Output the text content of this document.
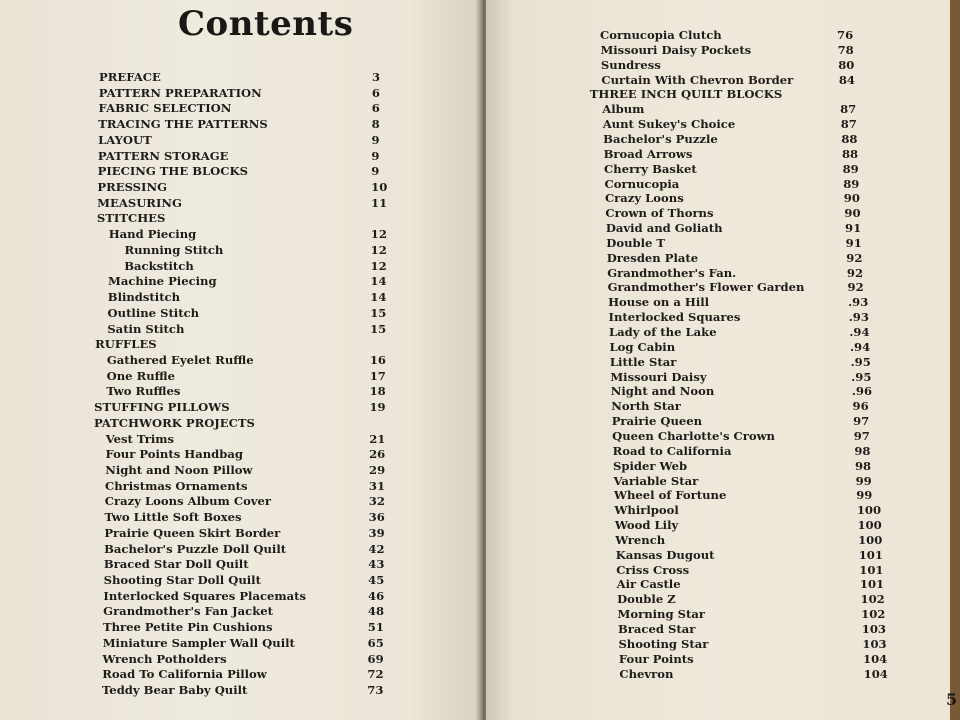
Contents
PREFACE	3
PATTERN PREPARATION	6
FABRIC SELECTION	6
TRACING THE PATTERNS	8
LAYOUT	9
PATTERN STORAGE	9
PIECING THE BLOCKS	9
PRESSING	10
MEASURING	11
STITCHES
Hand Piecing	12
Running Stitch	12
Backstitch	12
Machine Piecing	14
Blindstitch	14
Outline Stitch	15
Satin Stitch	15
RUFFLES
Gathered Eyelet Ruffle	16
One Ruffle	17
Two Ruffles	18
STUFFING PILLOWS	19
PATCHWORK PROJECTS
Vest Trims	21
Four Points Handbag	26
Night and Noon Pillow	29
Christmas Ornaments	31
Crazy Loons Album Cover	32
Two Little Soft Boxes	36
Prairie Queen Skirt Border	39
Bachelor's Puzzle Doll Quilt	42
Braced Star Doll Quilt	43
Shooting Star Doll Quilt	45
Interlocked Squares Placemats	46
Grandmother's Fan Jacket	48
Three Petite Pin Cushions	51
Miniature Sampler Wall Quilt	65
Wrench Potholders	69
Road To California Pillow	72
Teddy Bear Baby Quilt	73
Cornucopia Clutch	76
Missouri Daisy Pockets	78
Sundress	80
Curtain With Chevron Border	84
THREE INCH QUILT BLOCKS
Album	87
Aunt Sukey's Choice	87
Bachelor's Puzzle	88
Broad Arrows	88
Cherry Basket	89
Cornucopia	89
Crazy Loons	90
Crown of Thorns	90
David and Goliath	91
Double T	91
Dresden Plate	92
Grandmother's Fan.	92
Grandmother's Flower Garden	92
House on a Hill	.93
Interlocked Squares	.93
Lady of the Lake	.94
Log Cabin	.94
Little Star	.95
Missouri Daisy	.95
Night and Noon	.96
North Star	96
Prairie Queen	97
Queen Charlotte's Crown	97
Road to California	98
Spider Web	98
Variable Star	99
Wheel of Fortune	99
Whirlpool	100
Wood Lily	100
Wrench	100
Kansas Dugout	101
Criss Cross	101
Air Castle	101
Double Z	102
Morning Star	102
Braced Star	103
Shooting Star	103
Four Points	104
Chevron	104
5
